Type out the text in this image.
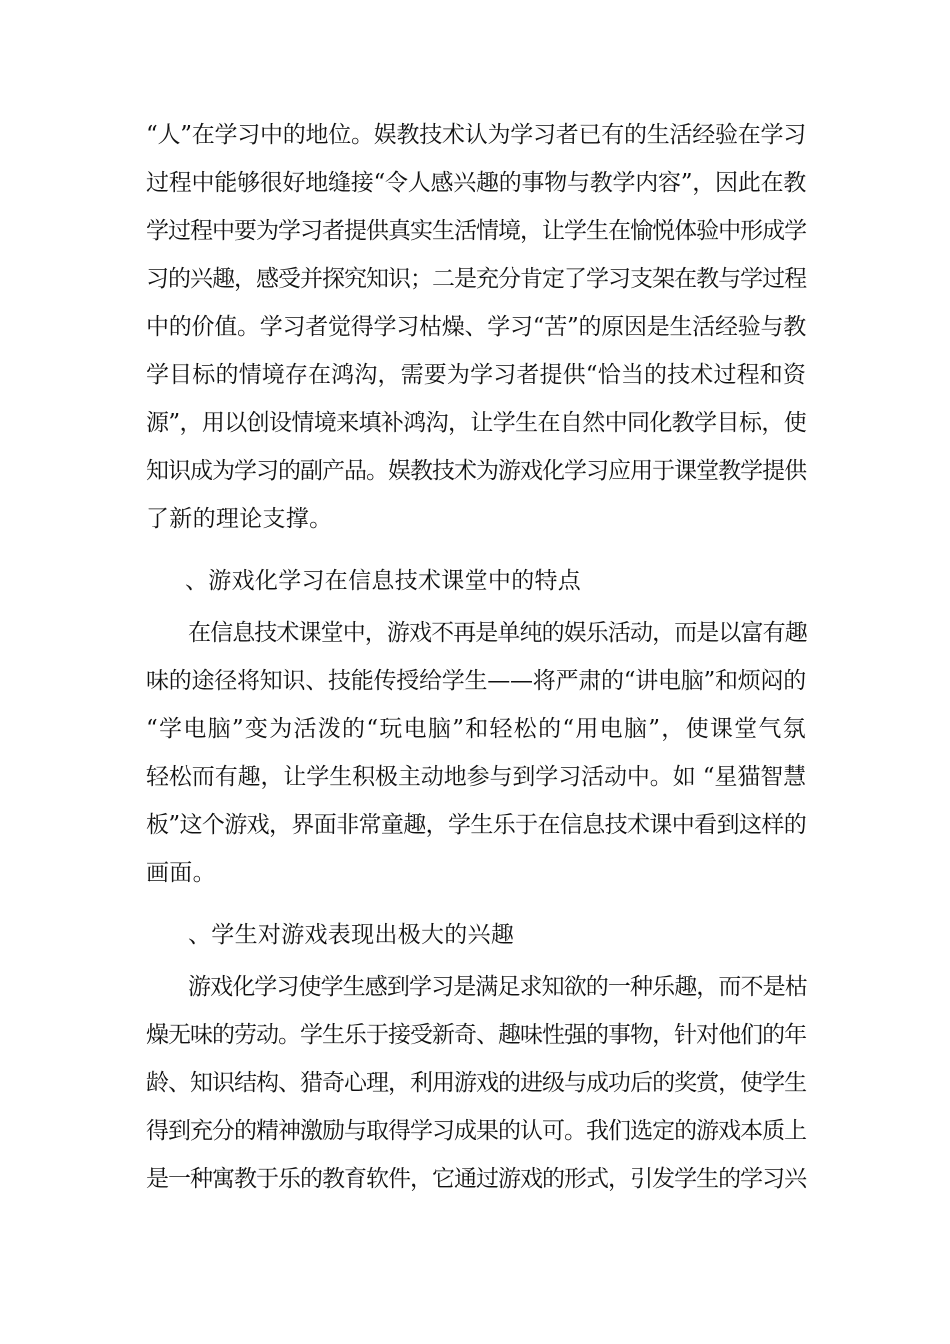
“人”在学习中的地位。娱教技术认为学习者已有的生活经验在学习
过程中能够很好地缝接“令人感兴趣的事物与教学内容”，因此在教
学过程中要为学习者提供真实生活情境，让学生在愉悦体验中形成学
习的兴趣，感受并探究知识；二是充分肯定了学习支架在教与学过程
中的价值。学习者觉得学习枯燥、学习“苦”的原因是生活经验与教
学目标的情境存在鸿沟，需要为学习者提供“恰当的技术过程和资
源”，用以创设情境来填补鸿沟，让学生在自然中同化教学目标，使
知识成为学习的副产品。娱教技术为游戏化学习应用于课堂教学提供
了新的理论支撑。
、游戏化学习在信息技术课堂中的特点
在信息技术课堂中，游戏不再是单纯的娱乐活动，而是以富有趣
味的途径将知识、技能传授给学生——将严肃的“讲电脑”和烦闷的
“学电脑”变为活泼的“玩电脑”和轻松的“用电脑”，使课堂气氛
轻松而有趣，让学生积极主动地参与到学习活动中。如 “星猫智慧
板”这个游戏，界面非常童趣，学生乐于在信息技术课中看到这样的
画面。
、学生对游戏表现出极大的兴趣
游戏化学习使学生感到学习是满足求知欲的一种乐趣，而不是枯
燥无味的劳动。学生乐于接受新奇、趣味性强的事物，针对他们的年
龄、知识结构、猎奇心理，利用游戏的进级与成功后的奖赏，使学生
得到充分的精神激励与取得学习成果的认可。我们选定的游戏本质上
是一种寓教于乐的教育软件，它通过游戏的形式，引发学生的学习兴
